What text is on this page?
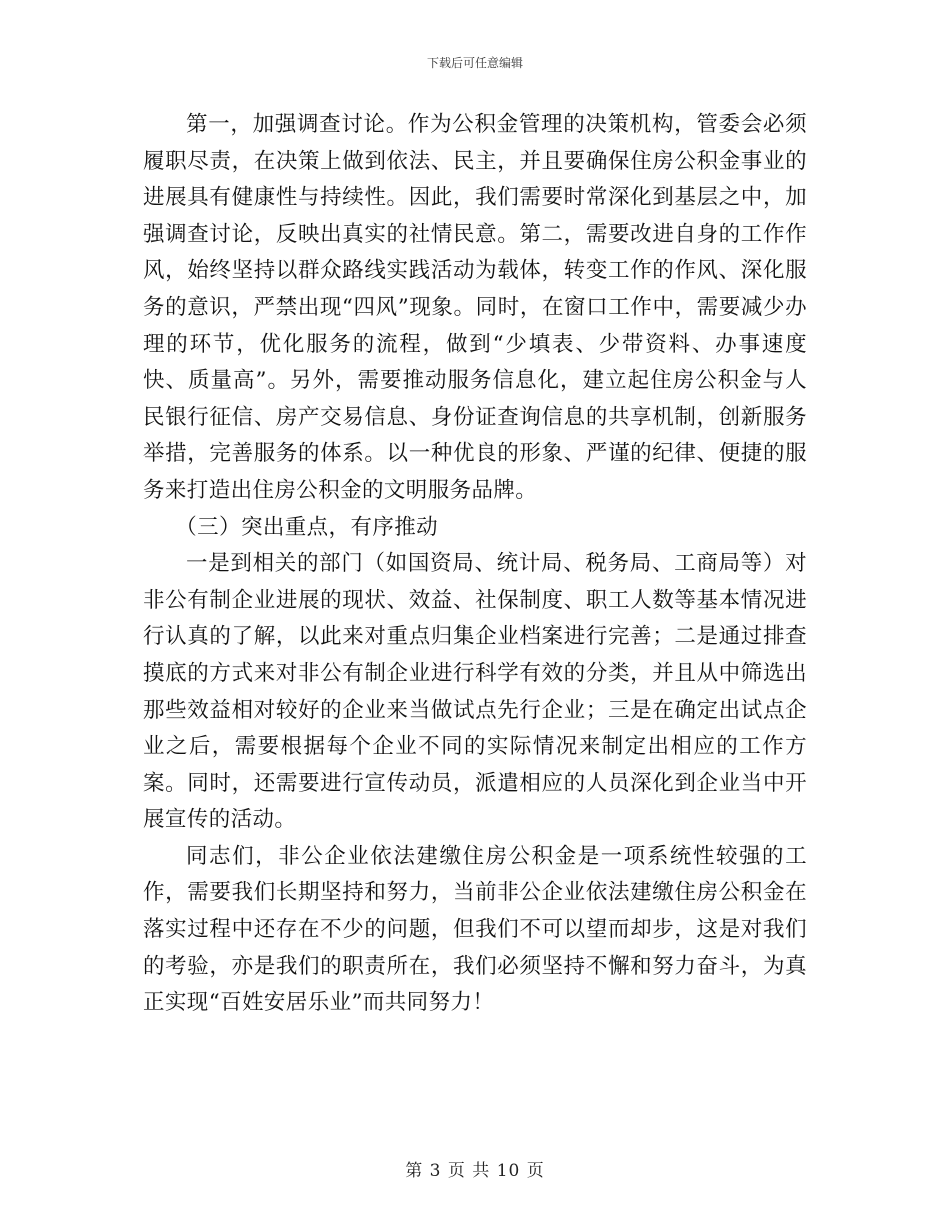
下载后可任意编辑

第一，加强调查讨论。作为公积金管理的决策机构，管委会必须履职尽责，在决策上做到依法、民主，并且要确保住房公积金事业的进展具有健康性与持续性。因此，我们需要时常深化到基层之中，加强调查讨论，反映出真实的社情民意。第二，需要改进自身的工作作风，始终坚持以群众路线实践活动为载体，转变工作的作风、深化服务的意识，严禁出现“四风”现象。同时，在窗口工作中，需要减少办理的环节，优化服务的流程，做到“少填表、少带资料、办事速度快、质量高”。另外，需要推动服务信息化，建立起住房公积金与人民银行征信、房产交易信息、身份证查询信息的共享机制，创新服务举措，完善服务的体系。以一种优良的形象、严谨的纪律、便捷的服务来打造出住房公积金的文明服务品牌。

（三）突出重点，有序推动

一是到相关的部门（如国资局、统计局、税务局、工商局等）对非公有制企业进展的现状、效益、社保制度、职工人数等基本情况进行认真的了解，以此来对重点归集企业档案进行完善；二是通过排查摸底的方式来对非公有制企业进行科学有效的分类，并且从中筛选出那些效益相对较好的企业来当做试点先行企业；三是在确定出试点企业之后，需要根据每个企业不同的实际情况来制定出相应的工作方案。同时，还需要进行宣传动员，派遣相应的人员深化到企业当中开展宣传的活动。

同志们，非公企业依法建缴住房公积金是一项系统性较强的工作，需要我们长期坚持和努力，当前非公企业依法建缴住房公积金在落实过程中还存在不少的问题，但我们不可以望而却步，这是对我们的考验，亦是我们的职责所在，我们必须坚持不懈和努力奋斗，为真正实现“百姓安居乐业”而共同努力！

第 3 页 共 10 页
